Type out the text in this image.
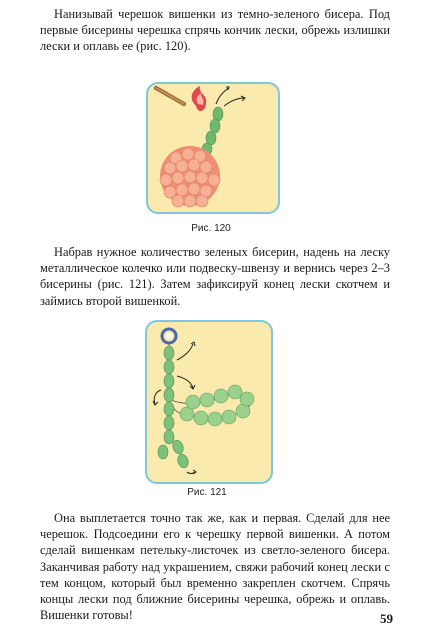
Нанизывай черешок вишенки из темно-зеленого бисера. Под первые бисерины черешка спрячь кончик лески, обрежь излишки лески и оплавь ее (рис. 120).

Рис. 120

Набрав нужное количество зеленых бисерин, надень на леску металлическое колечко или подвеску-швензу и вернись через 2–3 бисерины (рис. 121). Затем зафиксируй конец лески скотчем и займись второй вишенкой.

Рис. 121

Она выплетается точно так же, как и первая. Сделай для нее черешок. Подсоедини его к черешку первой вишенки. А потом сделай вишенкам петельку-листочек из светло-зеленого бисера. Заканчивая работу над украшением, свяжи рабочий конец лески с тем концом, который был временно закреплен скотчем. Спрячь концы лески под ближние бисерины черешка, обрежь и оплавь. Вишенки готовы!	59
